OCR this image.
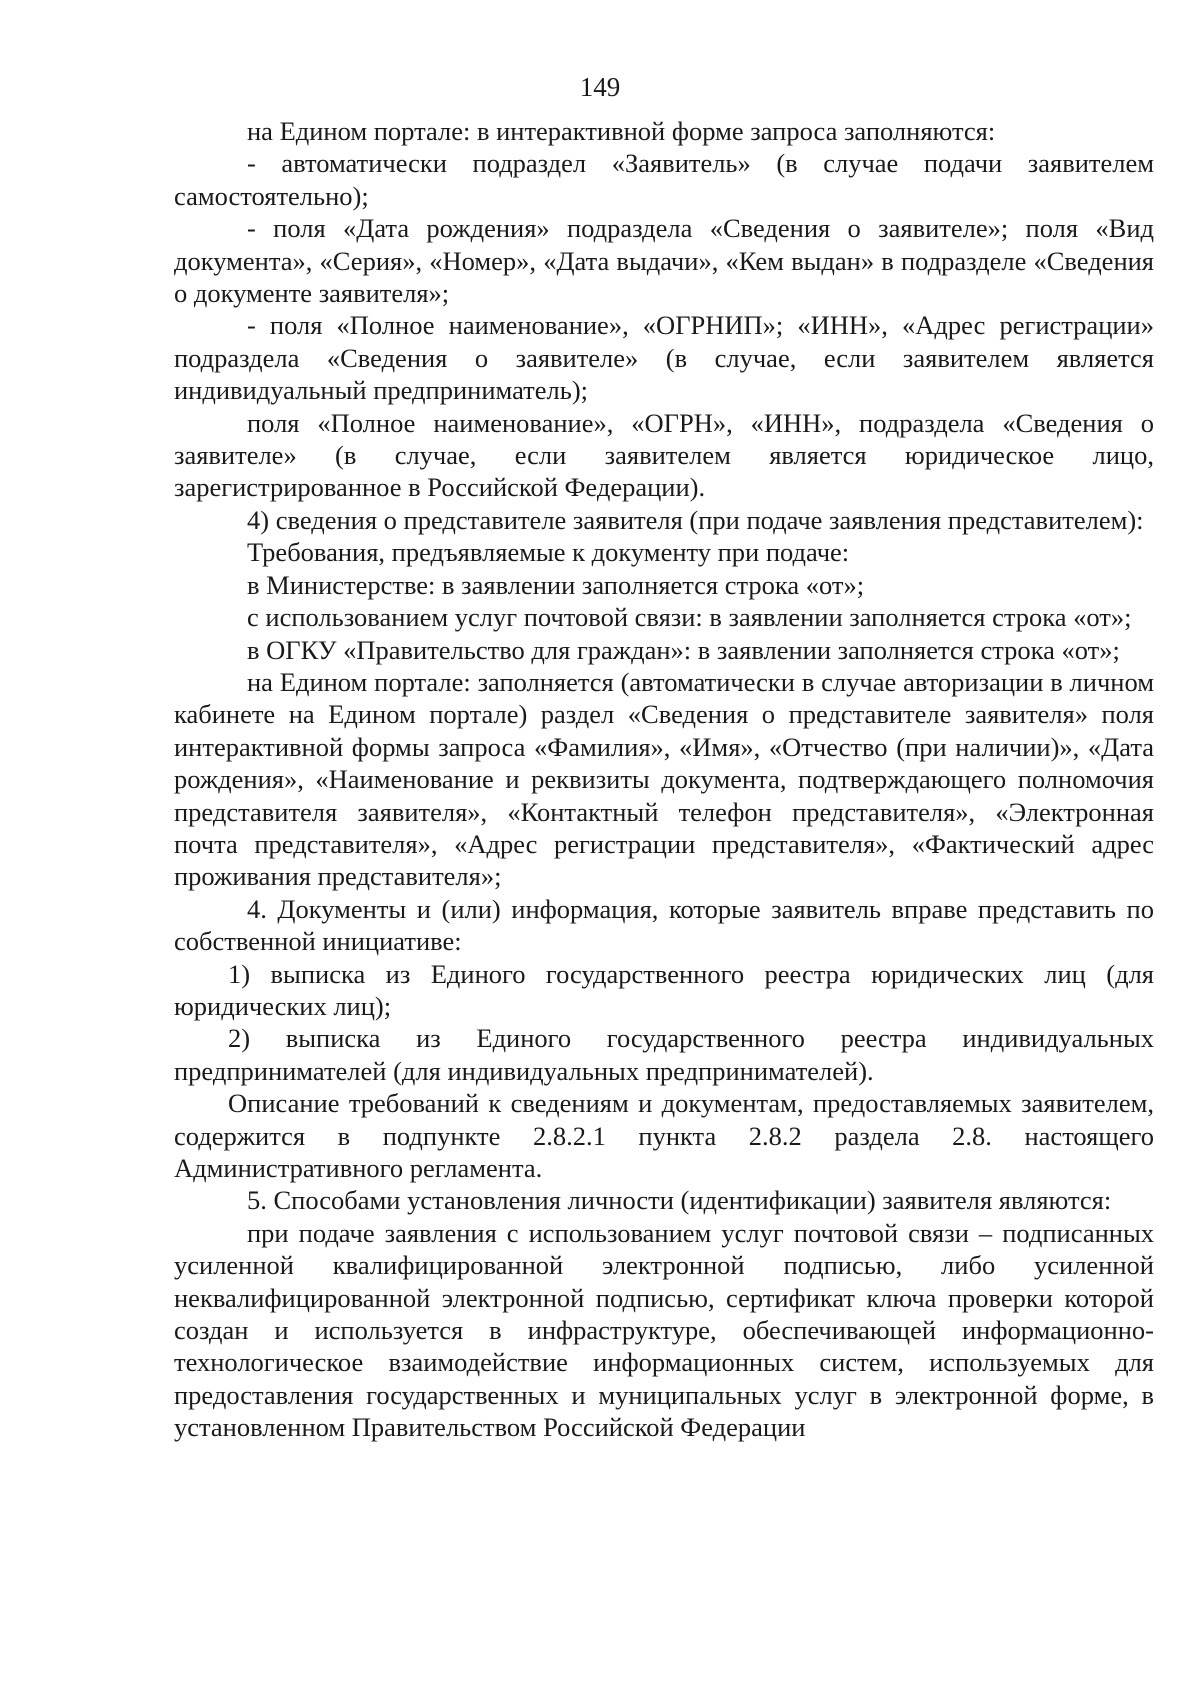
149

на Едином портале: в интерактивной форме запроса заполняются:

- автоматически подраздел «Заявитель» (в случае подачи заявителем самостоятельно);

- поля «Дата рождения» подраздела «Сведения о заявителе»; поля «Вид документа», «Серия», «Номер», «Дата выдачи», «Кем выдан» в подразделе «Сведения о документе заявителя»;

- поля «Полное наименование», «ОГРНИП»; «ИНН», «Адрес регистрации» подраздела «Сведения о заявителе» (в случае, если заявителем является индивидуальный предприниматель);

поля «Полное наименование», «ОГРН», «ИНН», подраздела «Сведения о заявителе» (в случае, если заявителем является юридическое лицо, зарегистрированное в Российской Федерации).

4) сведения о представителе заявителя (при подаче заявления представителем):

Требования, предъявляемые к документу при подаче:

в Министерстве: в заявлении заполняется строка «от»;

с использованием услуг почтовой связи: в заявлении заполняется строка «от»;

в ОГКУ «Правительство для граждан»: в заявлении заполняется строка «от»;

на Едином портале: заполняется (автоматически в случае авторизации в личном кабинете на Едином портале) раздел «Сведения о представителе заявителя» поля интерактивной формы запроса «Фамилия», «Имя», «Отчество (при наличии)», «Дата рождения», «Наименование и реквизиты документа, подтверждающего полномочия представителя заявителя», «Контактный телефон представителя», «Электронная почта представителя», «Адрес регистрации представителя», «Фактический адрес проживания представителя»;

4. Документы и (или) информация, которые заявитель вправе представить по собственной инициативе:

1) выписка из Единого государственного реестра юридических лиц (для юридических лиц);

2) выписка из Единого государственного реестра индивидуальных предпринимателей (для индивидуальных предпринимателей).

Описание требований к сведениям и документам, предоставляемых заявителем, содержится в подпункте 2.8.2.1 пункта 2.8.2 раздела 2.8. настоящего Административного регламента.

5. Способами установления личности (идентификации) заявителя являются:

при подаче заявления с использованием услуг почтовой связи – подписанных усиленной квалифицированной электронной подписью, либо усиленной неквалифицированной электронной подписью, сертификат ключа проверки которой создан и используется в инфраструктуре, обеспечивающей информационно-технологическое взаимодействие информационных систем, используемых для предоставления государственных и муниципальных услуг в электронной форме, в установленном Правительством Российской Федерации
